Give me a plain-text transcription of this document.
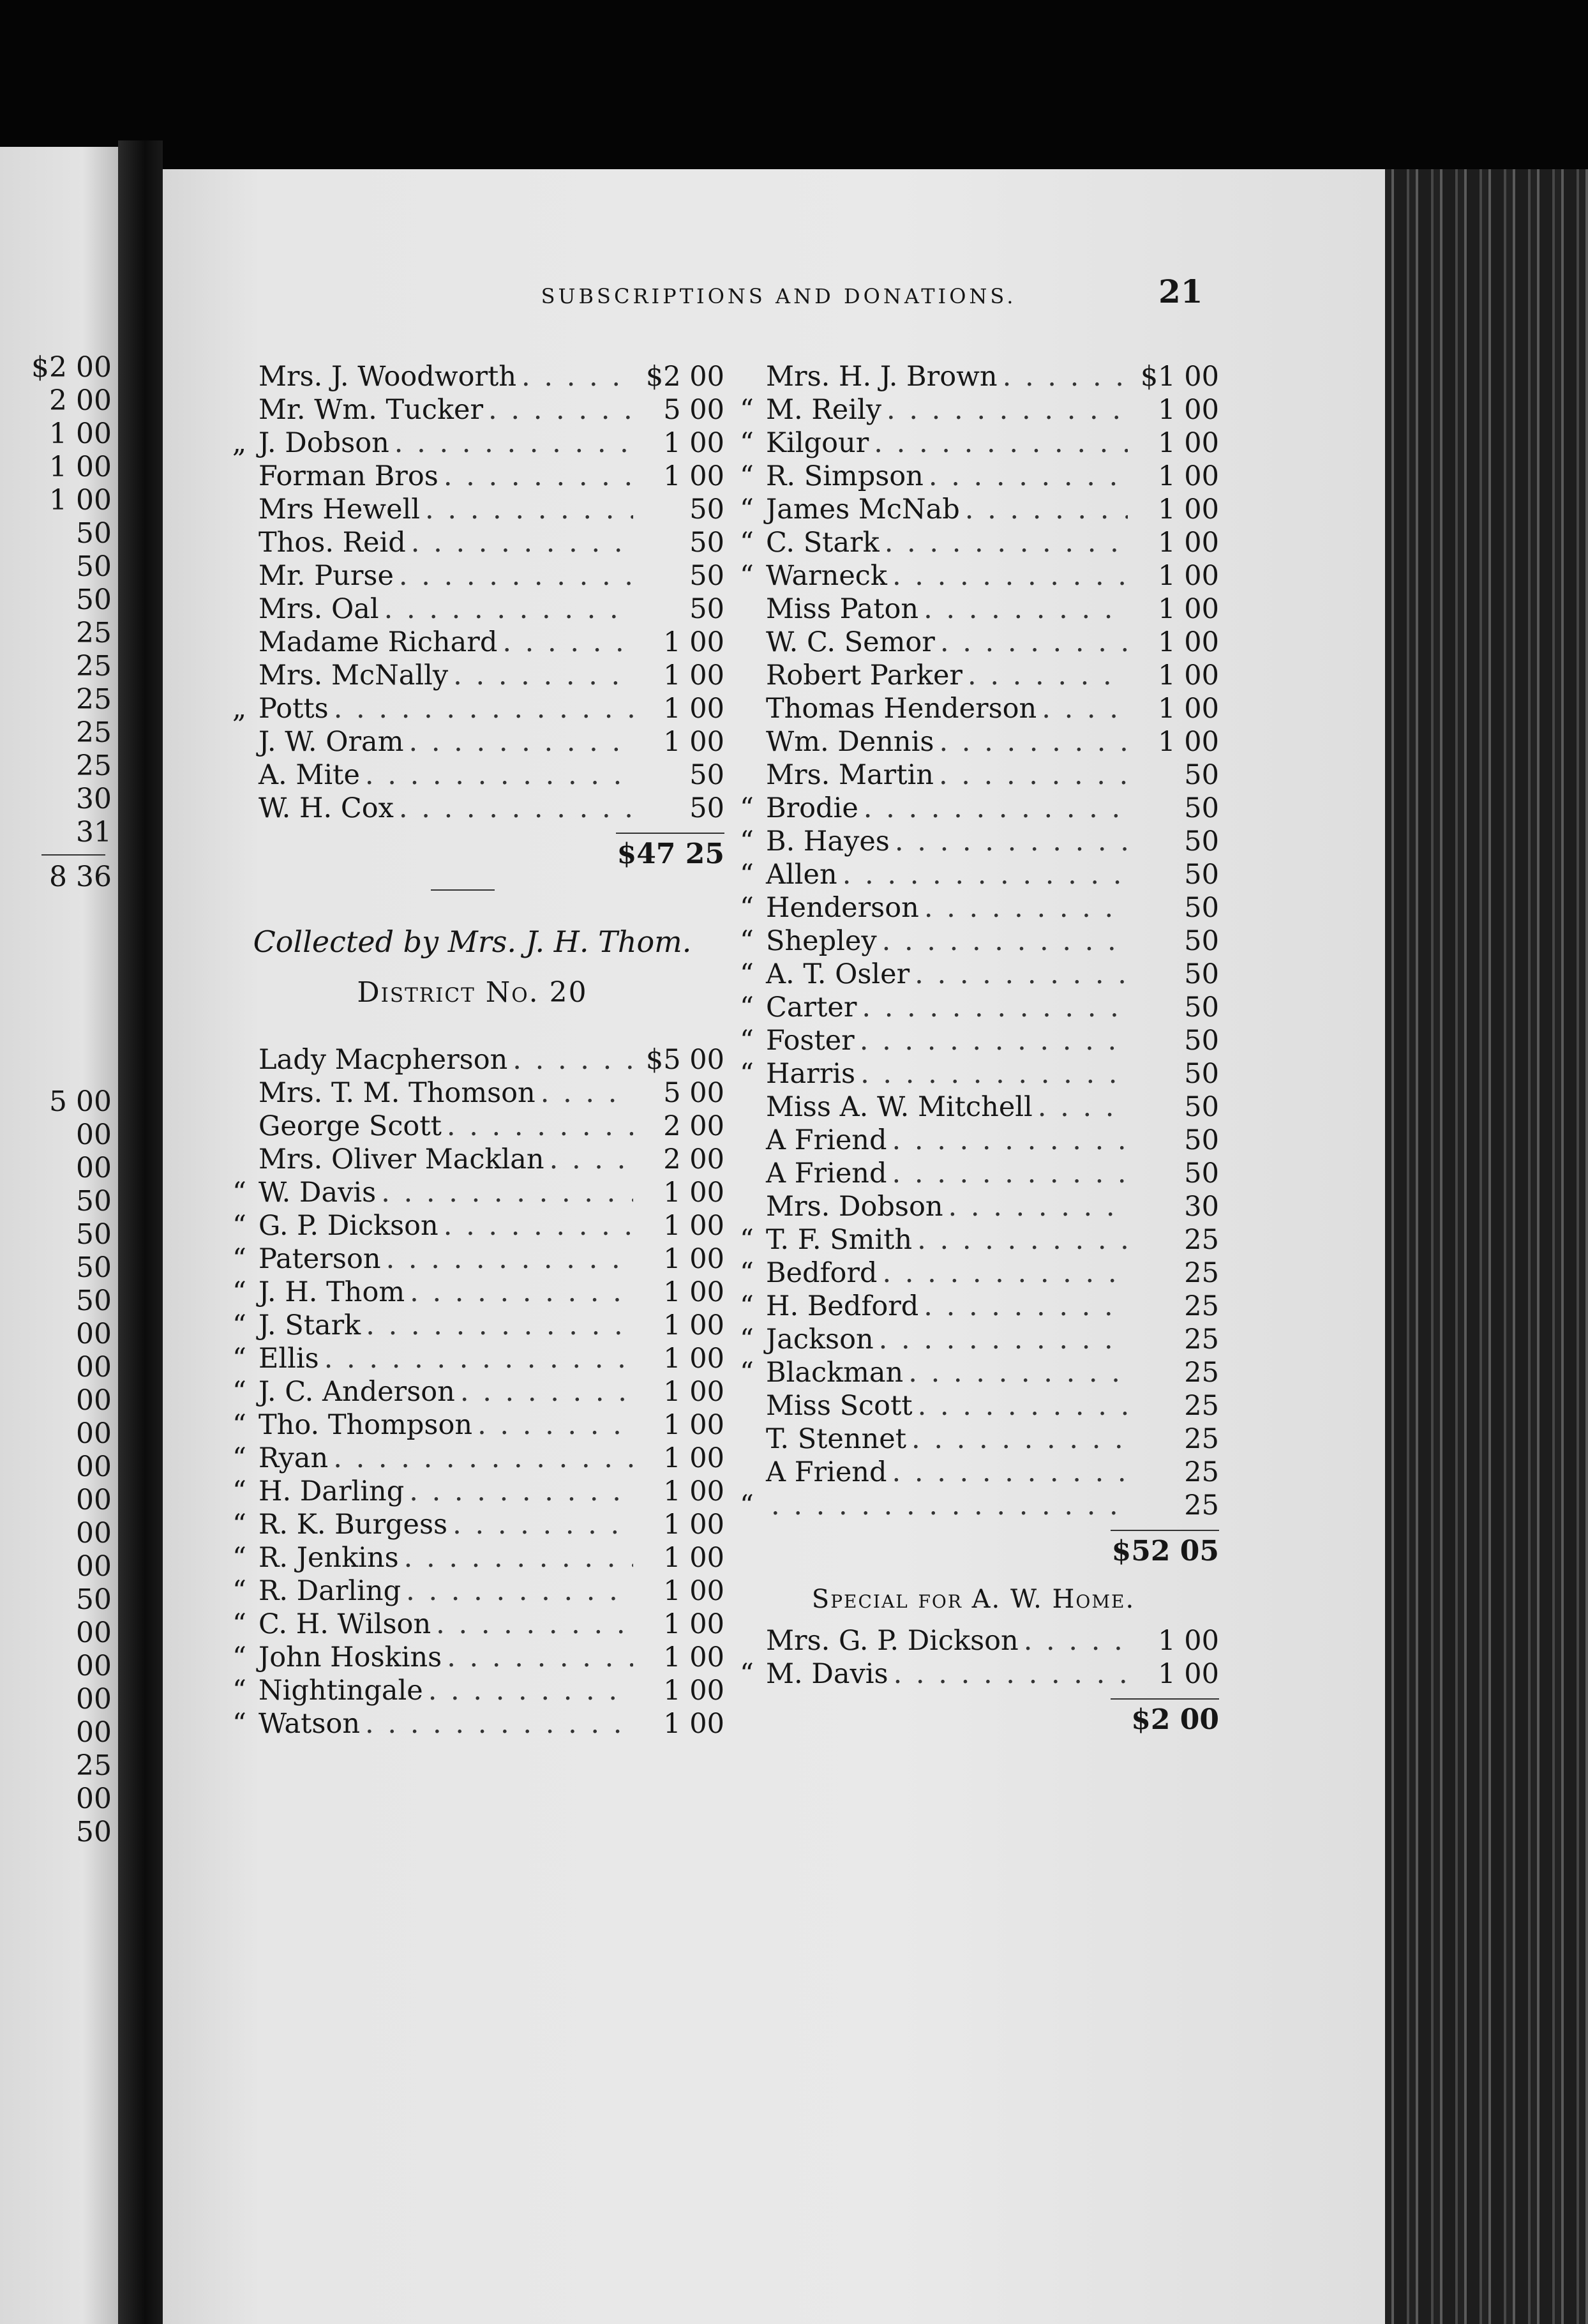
$2 00
2 00
1 00
1 00
1 00
50
50
50
25
25
25
25
25
30
31
8 36
5 00
00
00
50
50
50
50
00
00
00
00
00
00
00
00
50
00
00
00
00
25
00
50
SUBSCRIPTIONS AND DONATIONS.	21
Mrs. J. Woodworth . . .	$2 00
Mr. Wm. Tucker . . .	5 00
„ J. Dobson . . .	1 00
Forman Bros . . .	1 00
Mrs Hewell . . .	50
Thos. Reid . . .	50
Mr. Purse . . .	50
Mrs. Oal . . .	50
Madame Richard . . .	1 00
Mrs. McNally . . .	1 00
„ Potts . . .	1 00
J. W. Oram . . .	1 00
A. Mite . . .	50
W. H. Cox . . .	50
$47 25
Collected by Mrs. J. H. Thom.
District No. 20
Lady Macpherson . . .	$5 00
Mrs. T. M. Thomson . . .	5 00
George Scott . . .	2 00
Mrs. Oliver Macklan . . .	2 00
“ W. Davis . . .	1 00
“ G. P. Dickson . . .	1 00
“ Paterson . . .	1 00
“ J. H. Thom . . .	1 00
“ J. Stark . . .	1 00
“ Ellis . . .	1 00
“ J. C. Anderson . . .	1 00
“ Tho. Thompson . . .	1 00
“ Ryan . . .	1 00
“ H. Darling . . .	1 00
“ R. K. Burgess . . .	1 00
“ R. Jenkins . . .	1 00
“ R. Darling . . .	1 00
“ C. H. Wilson . . .	1 00
“ John Hoskins . . .	1 00
“ Nightingale . . .	1 00
“ Watson . . .	1 00
Mrs. H. J. Brown . . .	$1 00
“ M. Reily . . .	1 00
“ Kilgour . . .	1 00
“ R. Simpson . . .	1 00
“ James McNab . . .	1 00
“ C. Stark . . .	1 00
“ Warneck . . .	1 00
Miss Paton . . .	1 00
W. C. Semor . . .	1 00
Robert Parker . . .	1 00
Thomas Henderson . . .	1 00
Wm. Dennis . . .	1 00
Mrs. Martin . . .	50
“ Brodie . . .	50
“ B. Hayes . . .	50
“ Allen . . .	50
“ Henderson . . .	50
“ Shepley . . .	50
“ A. T. Osler . . .	50
“ Carter . . .	50
“ Foster . . .	50
“ Harris . . .	50
Miss A. W. Mitchell . . .	50
A Friend . . .	50
A Friend . . .	50
Mrs. Dobson . . .	30
“ T. F. Smith . . .	25
“ Bedford . . .	25
“ H. Bedford . . .	25
“ Jackson . . .	25
“ Blackman . . .	25
Miss Scott . . .	25
T. Stennet . . .	25
A Friend . . .	25
“ . . .	25
$52 05
Special for A. W. Home.
Mrs. G. P. Dickson . . .	1 00
“ M. Davis . . .	1 00
$2 00
